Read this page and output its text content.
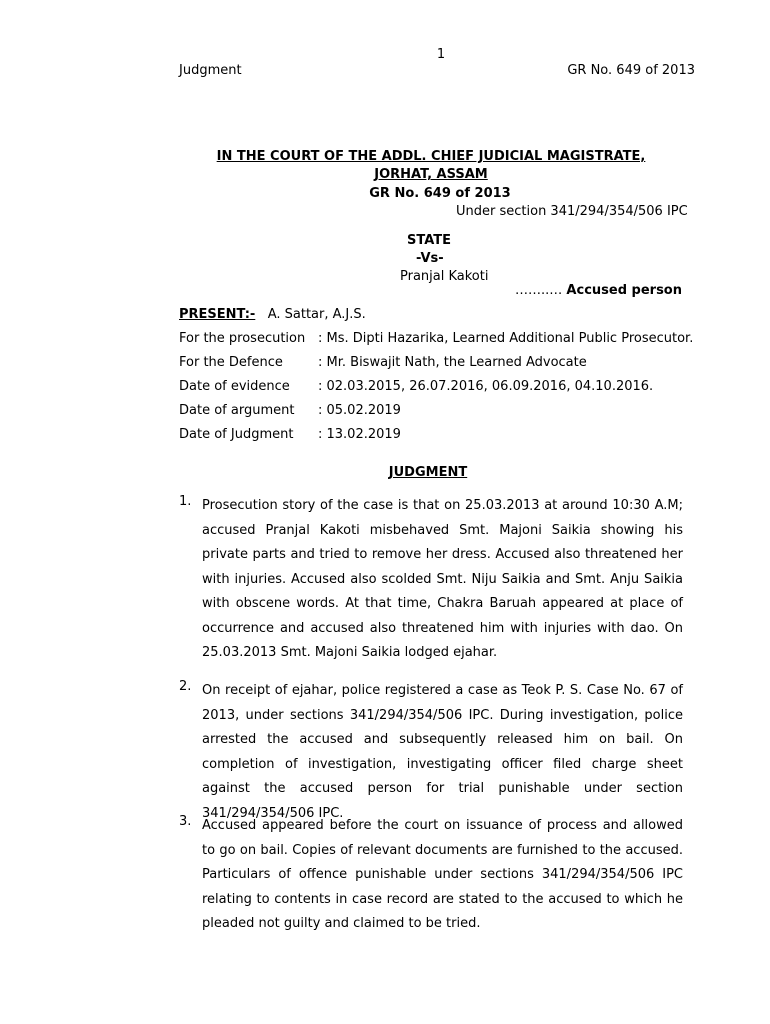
1
Judgment	GR No. 649 of 2013
IN THE COURT OF THE ADDL. CHIEF JUDICIAL MAGISTRATE,
JORHAT, ASSAM
GR No. 649 of 2013
Under section 341/294/354/506 IPC
STATE
-Vs-
Pranjal Kakoti
……..… Accused person
PRESENT:- A. Sattar, A.J.S.
For the prosecution : Ms. Dipti Hazarika, Learned Additional Public Prosecutor.
For the Defence	: Mr. Biswajit Nath, the Learned Advocate
Date of evidence : 02.03.2015, 26.07.2016, 06.09.2016, 04.10.2016.
Date of argument : 05.02.2019
Date of Judgment : 13.02.2019
JUDGMENT
1. Prosecution story of the case is that on 25.03.2013 at around 10:30 A.M; accused Pranjal Kakoti misbehaved Smt. Majoni Saikia showing his private parts and tried to remove her dress. Accused also threatened her with injuries. Accused also scolded Smt. Niju Saikia and Smt. Anju Saikia with obscene words. At that time, Chakra Baruah appeared at place of occurrence and accused also threatened him with injuries with dao. On 25.03.2013 Smt. Majoni Saikia lodged ejahar.
2. On receipt of ejahar, police registered a case as Teok P. S. Case No. 67 of 2013, under sections 341/294/354/506 IPC. During investigation, police arrested the accused and subsequently released him on bail. On completion of investigation, investigating officer filed charge sheet against the accused person for trial punishable under section 341/294/354/506 IPC.
3. Accused appeared before the court on issuance of process and allowed to go on bail. Copies of relevant documents are furnished to the accused. Particulars of offence punishable under sections 341/294/354/506 IPC relating to contents in case record are stated to the accused to which he pleaded not guilty and claimed to be tried.
